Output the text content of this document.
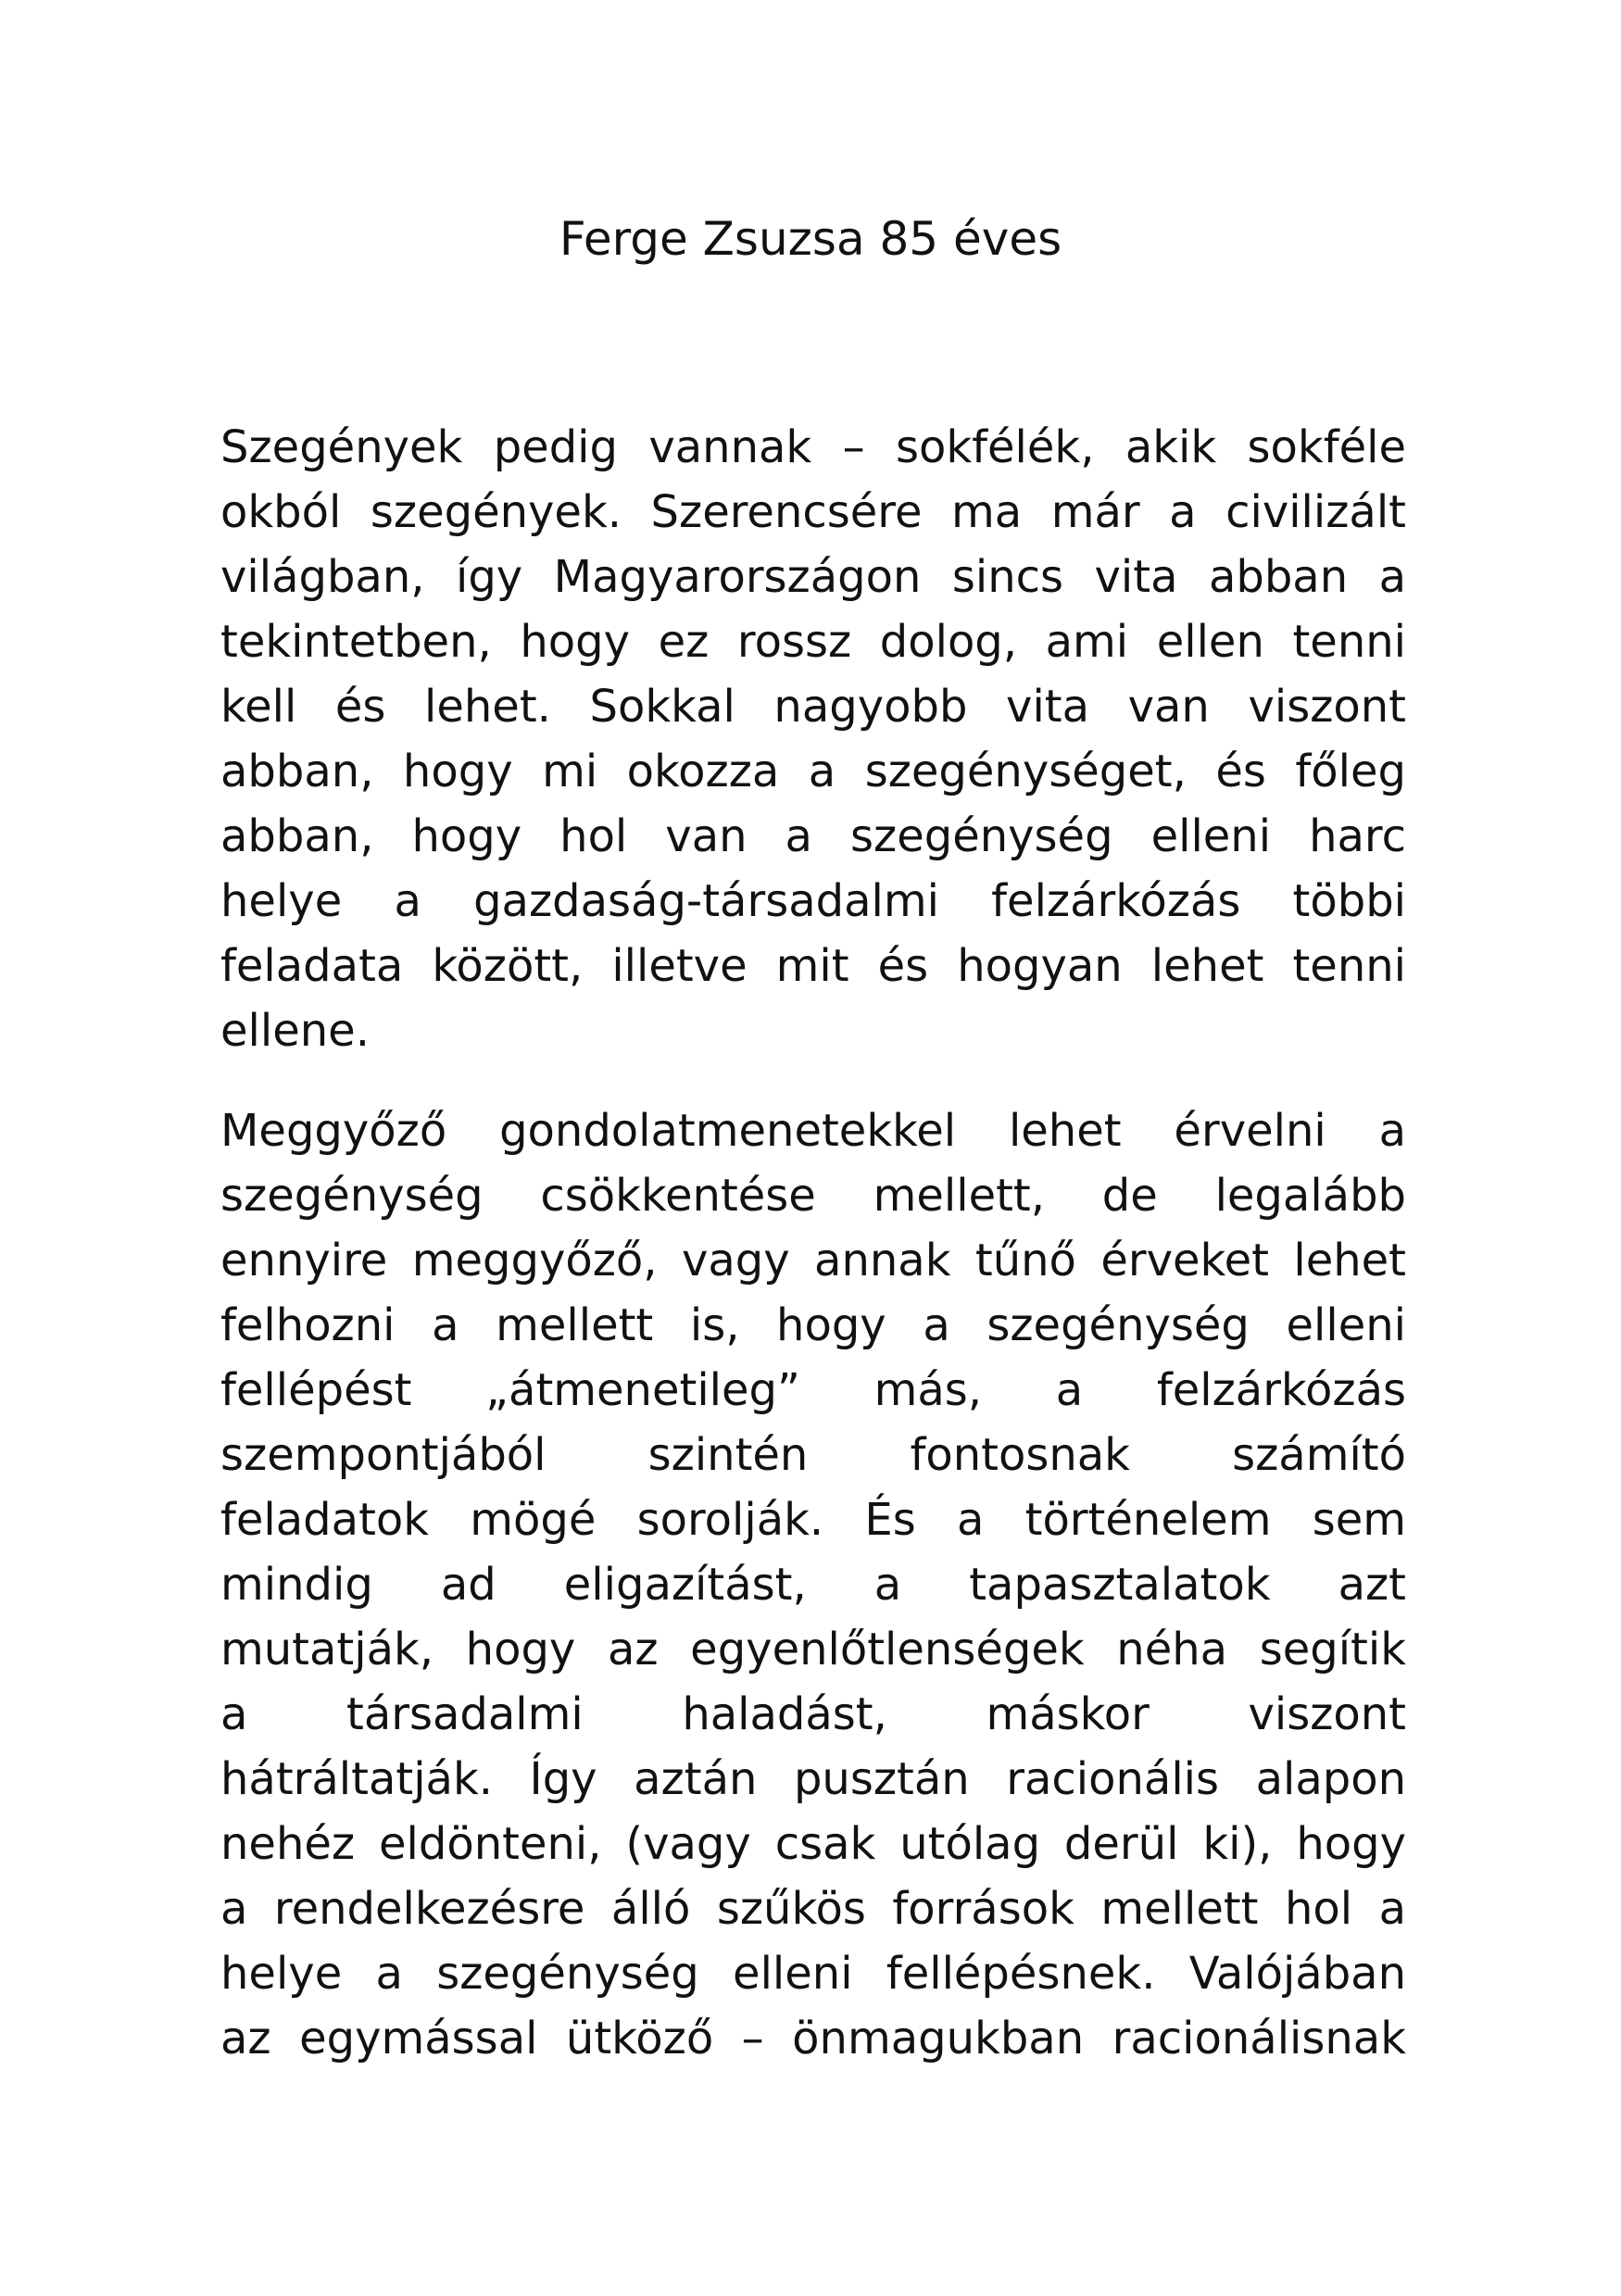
Ferge Zsuzsa 85 éves

Szegények pedig vannak – sokfélék, akik sokféle
okból szegények. Szerencsére ma már a civilizált
világban, így Magyarországon sincs vita abban a
tekintetben, hogy ez rossz dolog, ami ellen tenni
kell és lehet. Sokkal nagyobb vita van viszont
abban, hogy mi okozza a szegénységet, és főleg
abban, hogy hol van a szegénység elleni harc
helye a gazdaság-társadalmi felzárkózás többi
feladata között, illetve mit és hogyan lehet tenni
ellene.

Meggyőző gondolatmenetekkel lehet érvelni a
szegénység csökkentése mellett, de legalább
ennyire meggyőző, vagy annak tűnő érveket lehet
felhozni a mellett is, hogy a szegénység elleni
fellépést „átmenetileg” más, a felzárkózás
szempontjából szintén fontosnak számító
feladatok mögé sorolják. És a történelem sem
mindig ad eligazítást, a tapasztalatok azt
mutatják, hogy az egyenlőtlenségek néha segítik
a társadalmi haladást, máskor viszont
hátráltatják. Így aztán pusztán racionális alapon
nehéz eldönteni, (vagy csak utólag derül ki), hogy
a rendelkezésre álló szűkös források mellett hol a
helye a szegénység elleni fellépésnek. Valójában
az egymással ütköző – önmagukban racionálisnak
